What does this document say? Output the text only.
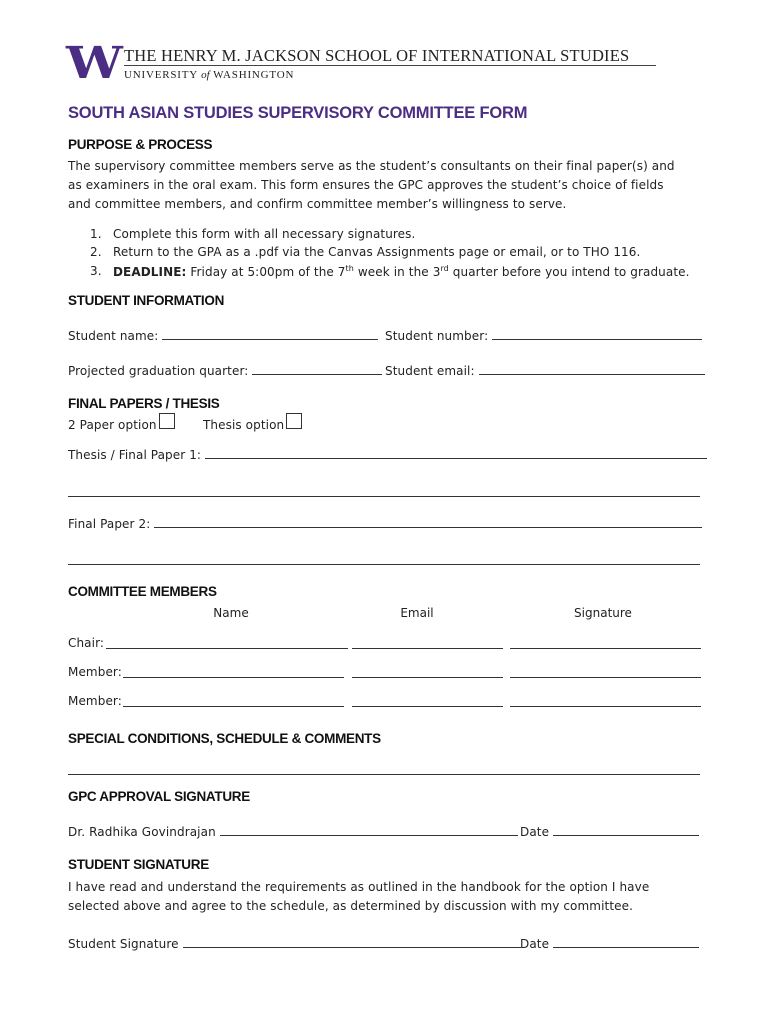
W THE HENRY M. JACKSON SCHOOL OF INTERNATIONAL STUDIES
UNIVERSITY of WASHINGTON
SOUTH ASIAN STUDIES SUPERVISORY COMMITTEE FORM
PURPOSE & PROCESS
The supervisory committee members serve as the student’s consultants on their final paper(s) and as examiners in the oral exam. This form ensures the GPC approves the student’s choice of fields and committee members, and confirm committee member’s willingness to serve.
1. Complete this form with all necessary signatures.
2. Return to the GPA as a .pdf via the Canvas Assignments page or email, or to THO 116.
3. DEADLINE: Friday at 5:00pm of the 7th week in the 3rd quarter before you intend to graduate.
STUDENT INFORMATION
Student name:	Student number:
Projected graduation quarter:	Student email:
FINAL PAPERS / THESIS
2 Paper option	Thesis option
Thesis / Final Paper 1:
Final Paper 2:
COMMITTEE MEMBERS
Name	Email	Signature
Chair:
Member:
Member:
SPECIAL CONDITIONS, SCHEDULE & COMMENTS
GPC APPROVAL SIGNATURE
Dr. Radhika Govindrajan	Date
STUDENT SIGNATURE
I have read and understand the requirements as outlined in the handbook for the option I have selected above and agree to the schedule, as determined by discussion with my committee.
Student Signature	Date
